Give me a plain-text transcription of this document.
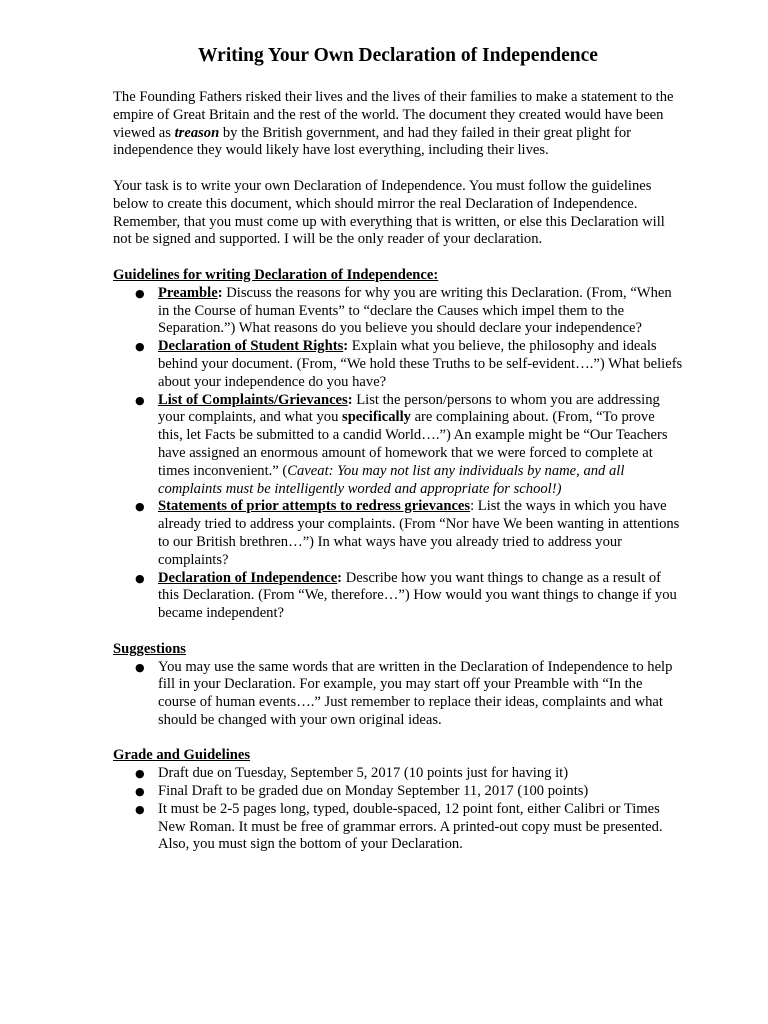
Writing Your Own Declaration of Independence

The Founding Fathers risked their lives and the lives of their families to make a statement to the empire of Great Britain and the rest of the world. The document they created would have been viewed as treason by the British government, and had they failed in their great plight for independence they would likely have lost everything, including their lives.

Your task is to write your own Declaration of Independence. You must follow the guidelines below to create this document, which should mirror the real Declaration of Independence. Remember, that you must come up with everything that is written, or else this Declaration will not be signed and supported. I will be the only reader of your declaration.

Guidelines for writing Declaration of Independence:
● Preamble: Discuss the reasons for why you are writing this Declaration. (From, “When in the Course of human Events” to “declare the Causes which impel them to the Separation.”) What reasons do you believe you should declare your independence?
● Declaration of Student Rights: Explain what you believe, the philosophy and ideals behind your document. (From, “We hold these Truths to be self-evident….”) What beliefs about your independence do you have?
● List of Complaints/Grievances: List the person/persons to whom you are addressing your complaints, and what you specifically are complaining about. (From, “To prove this, let Facts be submitted to a candid World….”) An example might be “Our Teachers have assigned an enormous amount of homework that we were forced to complete at times inconvenient.” (Caveat: You may not list any individuals by name, and all complaints must be intelligently worded and appropriate for school!)
● Statements of prior attempts to redress grievances: List the ways in which you have already tried to address your complaints. (From “Nor have We been wanting in attentions to our British brethren…”) In what ways have you already tried to address your complaints?
● Declaration of Independence: Describe how you want things to change as a result of this Declaration. (From “We, therefore…”) How would you want things to change if you became independent?
Suggestions
● You may use the same words that are written in the Declaration of Independence to help fill in your Declaration. For example, you may start off your Preamble with “In the course of human events….” Just remember to replace their ideas, complaints and what should be changed with your own original ideas.
Grade and Guidelines
● Draft due on Tuesday, September 5, 2017 (10 points just for having it)
● Final Draft to be graded due on Monday September 11, 2017 (100 points)
● It must be 2-5 pages long, typed, double-spaced, 12 point font, either Calibri or Times New Roman. It must be free of grammar errors. A printed-out copy must be presented. Also, you must sign the bottom of your Declaration.
